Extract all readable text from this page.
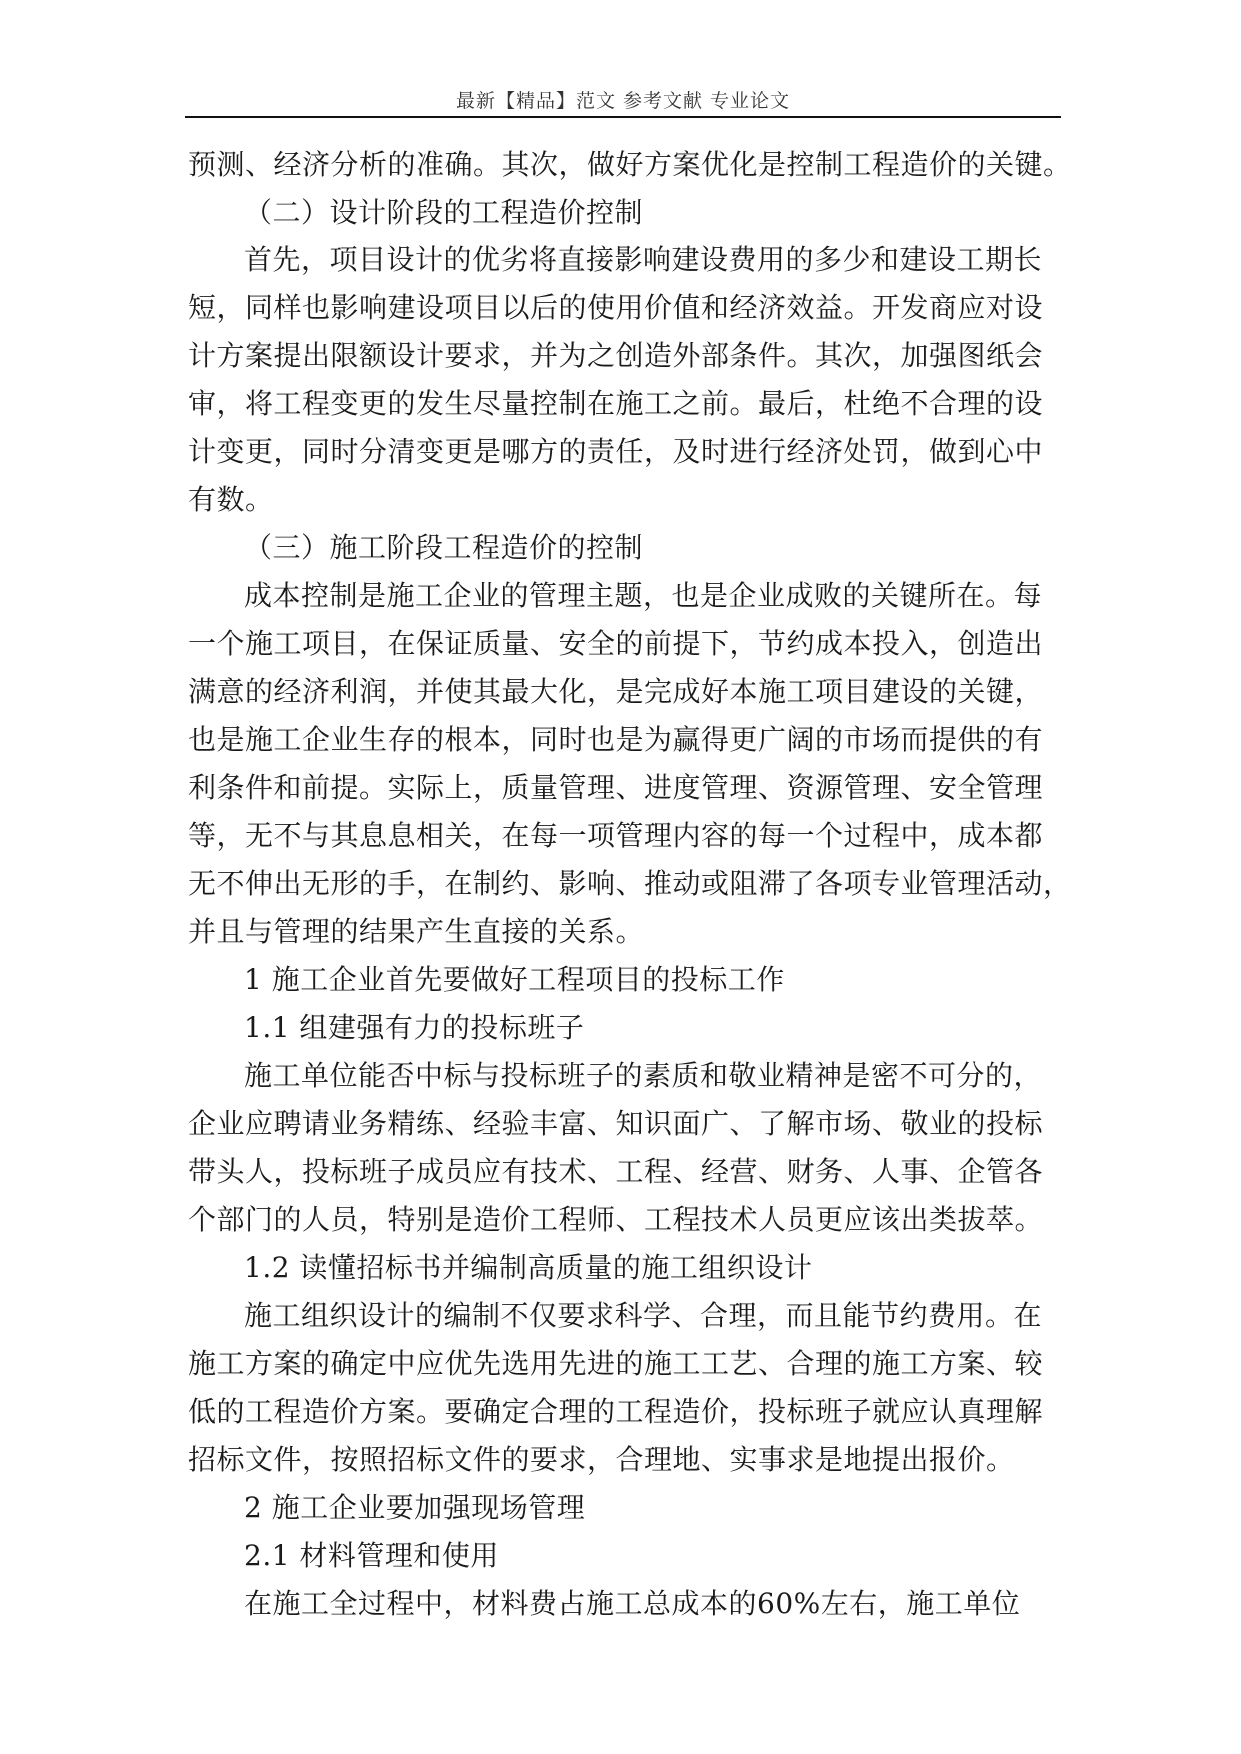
最新【精品】范文 参考文献 专业论文
预测、经济分析的准确。其次，做好方案优化是控制工程造价的关键。
（二）设计阶段的工程造价控制
首先，项目设计的优劣将直接影响建设费用的多少和建设工期长
短，同样也影响建设项目以后的使用价值和经济效益。开发商应对设
计方案提出限额设计要求，并为之创造外部条件。其次，加强图纸会
审，将工程变更的发生尽量控制在施工之前。最后，杜绝不合理的设
计变更，同时分清变更是哪方的责任，及时进行经济处罚，做到心中
有数。
（三）施工阶段工程造价的控制
成本控制是施工企业的管理主题，也是企业成败的关键所在。每
一个施工项目，在保证质量、安全的前提下，节约成本投入，创造出
满意的经济利润，并使其最大化，是完成好本施工项目建设的关键，
也是施工企业生存的根本，同时也是为赢得更广阔的市场而提供的有
利条件和前提。实际上，质量管理、进度管理、资源管理、安全管理
等，无不与其息息相关，在每一项管理内容的每一个过程中，成本都
无不伸出无形的手，在制约、影响、推动或阻滞了各项专业管理活动，
并且与管理的结果产生直接的关系。
1 施工企业首先要做好工程项目的投标工作
1.1 组建强有力的投标班子
施工单位能否中标与投标班子的素质和敬业精神是密不可分的，
企业应聘请业务精练、经验丰富、知识面广、了解市场、敬业的投标
带头人，投标班子成员应有技术、工程、经营、财务、人事、企管各
个部门的人员，特别是造价工程师、工程技术人员更应该出类拔萃。
1.2 读懂招标书并编制高质量的施工组织设计
施工组织设计的编制不仅要求科学、合理，而且能节约费用。在
施工方案的确定中应优先选用先进的施工工艺、合理的施工方案、较
低的工程造价方案。要确定合理的工程造价，投标班子就应认真理解
招标文件，按照招标文件的要求，合理地、实事求是地提出报价。
2 施工企业要加强现场管理
2.1 材料管理和使用
在施工全过程中，材料费占施工总成本的60%左右，施工单位
